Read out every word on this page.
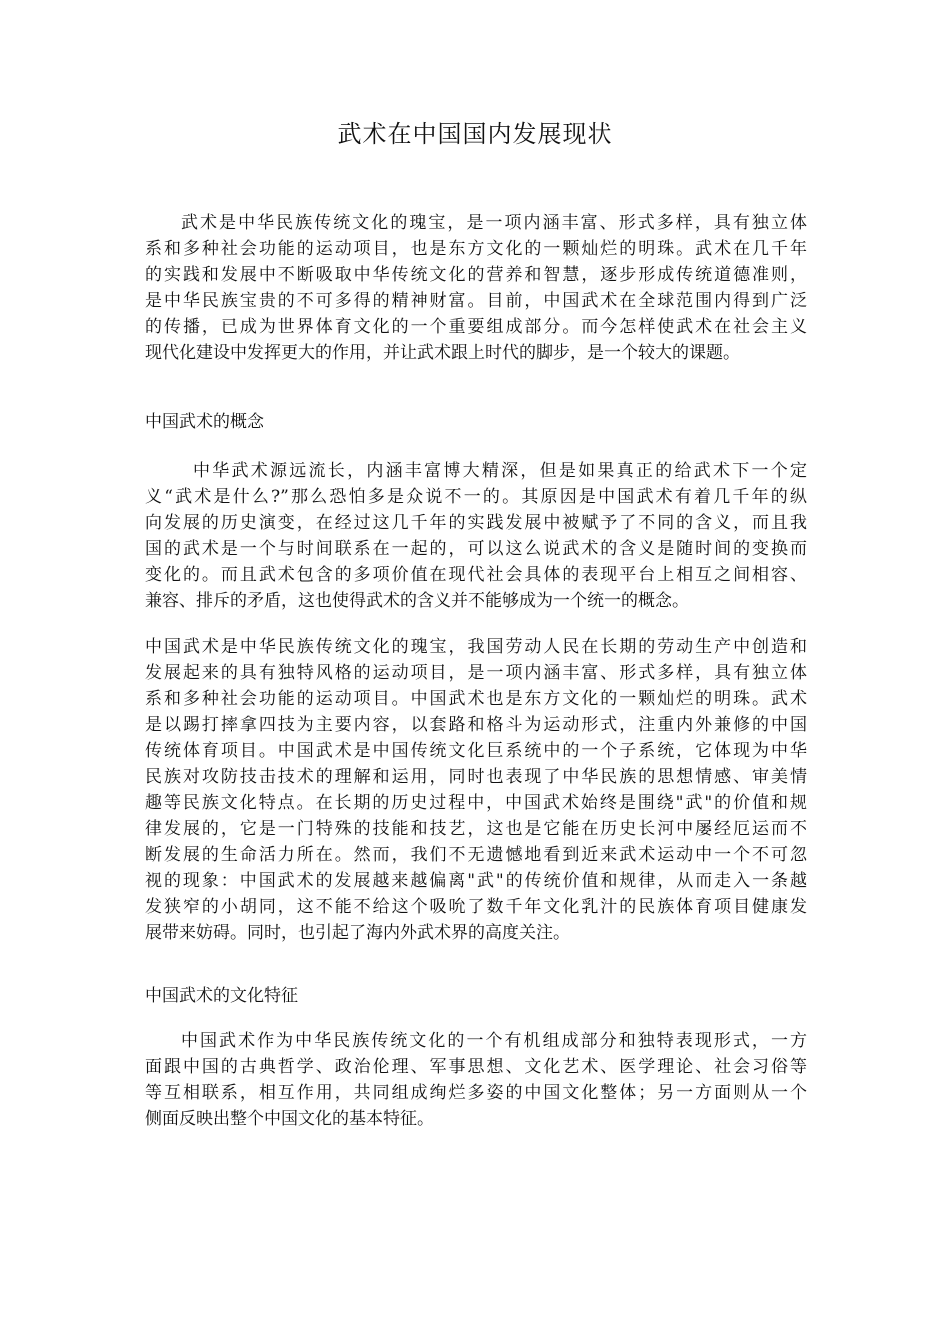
武术在中国国内发展现状
武术是中华民族传统文化的瑰宝，是一项内涵丰富、形式多样，具有独立体
系和多种社会功能的运动项目，也是东方文化的一颗灿烂的明珠。武术在几千年
的实践和发展中不断吸取中华传统文化的营养和智慧，逐步形成传统道德准则，
是中华民族宝贵的不可多得的精神财富。目前，中国武术在全球范围内得到广泛
的传播，已成为世界体育文化的一个重要组成部分。而今怎样使武术在社会主义
现代化建设中发挥更大的作用，并让武术跟上时代的脚步，是一个较大的课题。
中国武术的概念
中华武术源远流长，内涵丰富博大精深，但是如果真正的给武术下一个定
义“武术是什么?”那么恐怕多是众说不一的。其原因是中国武术有着几千年的纵
向发展的历史演变，在经过这几千年的实践发展中被赋予了不同的含义，而且我
国的武术是一个与时间联系在一起的，可以这么说武术的含义是随时间的变换而
变化的。而且武术包含的多项价值在现代社会具体的表现平台上相互之间相容、
兼容、排斥的矛盾，这也使得武术的含义并不能够成为一个统一的概念。
中国武术是中华民族传统文化的瑰宝，我国劳动人民在长期的劳动生产中创造和
发展起来的具有独特风格的运动项目，是一项内涵丰富、形式多样，具有独立体
系和多种社会功能的运动项目。中国武术也是东方文化的一颗灿烂的明珠。武术
是以踢打摔拿四技为主要内容，以套路和格斗为运动形式，注重内外兼修的中国
传统体育项目。中国武术是中国传统文化巨系统中的一个子系统，它体现为中华
民族对攻防技击技术的理解和运用，同时也表现了中华民族的思想情感、审美情
趣等民族文化特点。在长期的历史过程中，中国武术始终是围绕"武"的价值和规
律发展的，它是一门特殊的技能和技艺，这也是它能在历史长河中屡经厄运而不
断发展的生命活力所在。然而，我们不无遗憾地看到近来武术运动中一个不可忽
视的现象：中国武术的发展越来越偏离"武"的传统价值和规律，从而走入一条越
发狭窄的小胡同，这不能不给这个吸吮了数千年文化乳汁的民族体育项目健康发
展带来妨碍。同时，也引起了海内外武术界的高度关注。
中国武术的文化特征
中国武术作为中华民族传统文化的一个有机组成部分和独特表现形式，一方
面跟中国的古典哲学、政治伦理、军事思想、文化艺术、医学理论、社会习俗等
等互相联系，相互作用，共同组成绚烂多姿的中国文化整体；另一方面则从一个
侧面反映出整个中国文化的基本特征。
